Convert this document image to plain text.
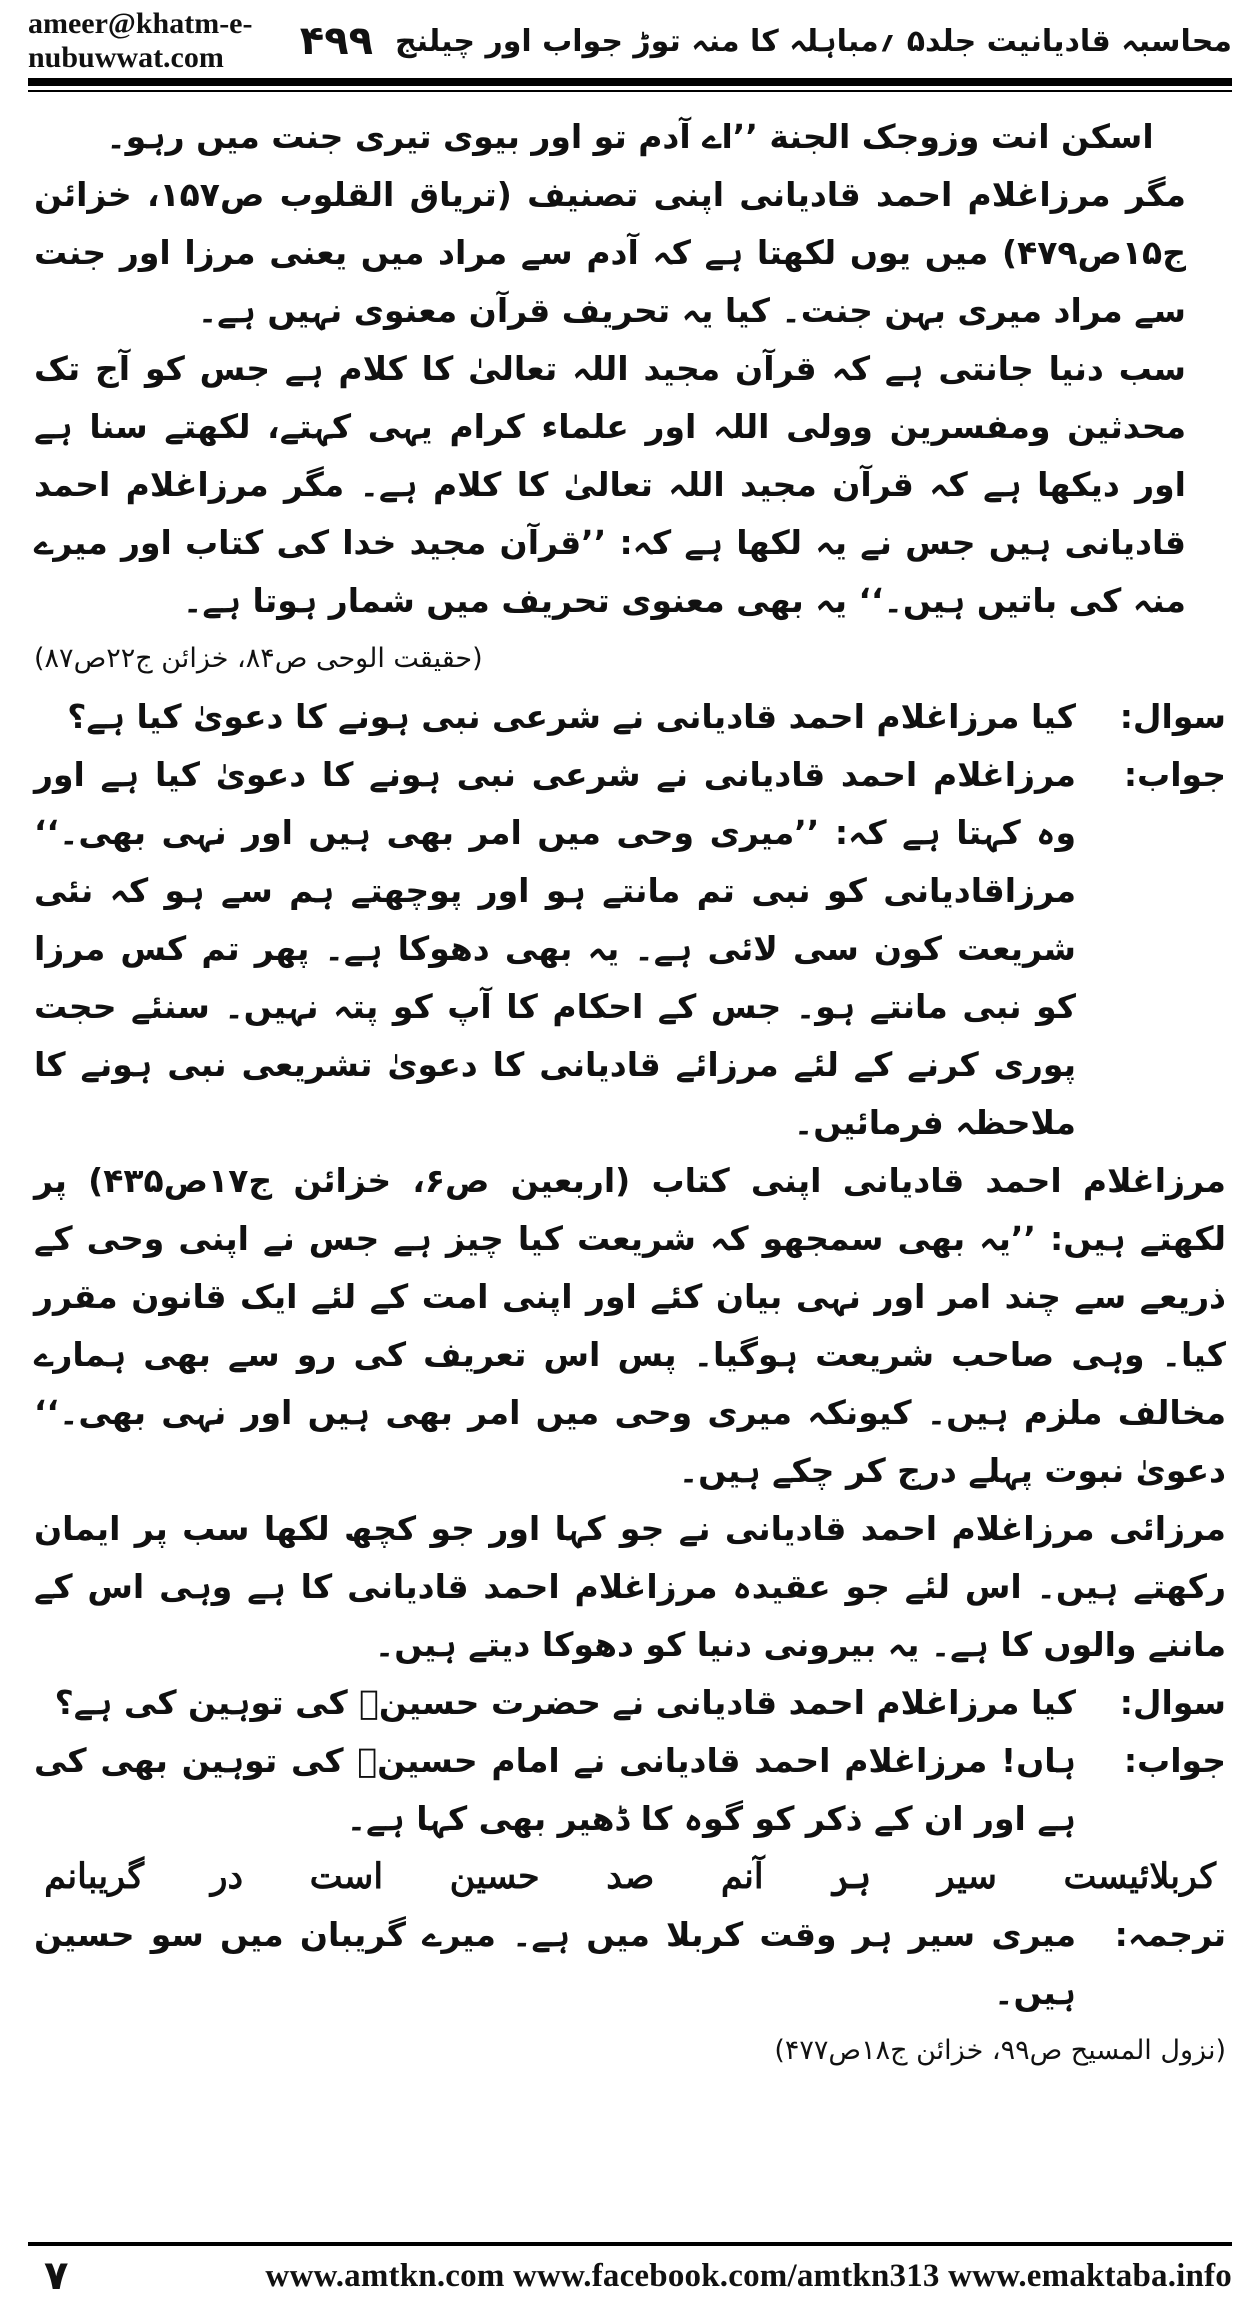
ameer@khatm-e-nubuwwat.com	۴۹۹ محاسبہ قادیانیت جلد۵ ؍مباہلہ کا منہ توڑ جواب اور چیلنج

اسکن انت وزوجک الجنة ’’اے آدم تو اور بیوی تیری جنت میں رہو۔

مگر مرزاغلام احمد قادیانی اپنی تصنیف (تریاق القلوب ص۱۵۷، خزائن ج۱۵ص۴۷۹) میں یوں لکھتا ہے کہ آدم سے مراد میں یعنی مرزا اور جنت سے مراد میری بہن جنت۔ کیا یہ تحریف قرآن معنوی نہیں ہے۔

سب دنیا جانتی ہے کہ قرآن مجید اللہ تعالیٰ کا کلام ہے جس کو آج تک محدثین ومفسرین وولی اللہ اور علماء کرام یہی کہتے، لکھتے سنا ہے اور دیکھا ہے کہ قرآن مجید اللہ تعالیٰ کا کلام ہے۔ مگر مرزاغلام احمد قادیانی ہیں جس نے یہ لکھا ہے کہ: ’’قرآن مجید خدا کی کتاب اور میرے منہ کی باتیں ہیں۔‘‘ یہ بھی معنوی تحریف میں شمار ہوتا ہے۔

(حقیقت الوحی ص۸۴، خزائن ج۲۲ص۸۷)

سوال:
کیا مرزاغلام احمد قادیانی نے شرعی نبی ہونے کا دعویٰ کیا ہے؟
جواب:
مرزاغلام احمد قادیانی نے شرعی نبی ہونے کا دعویٰ کیا ہے اور وہ کہتا ہے کہ: ’’میری وحی میں امر بھی ہیں اور نہی بھی۔‘‘ مرزاقادیانی کو نبی تم مانتے ہو اور پوچھتے ہم سے ہو کہ نئی شریعت کون سی لائی ہے۔ یہ بھی دھوکا ہے۔ پھر تم کس مرزا کو نبی مانتے ہو۔ جس کے احکام کا آپ کو پتہ نہیں۔ سنئے حجت پوری کرنے کے لئے مرزائے قادیانی کا دعویٰ تشریعی نبی ہونے کا ملاحظہ فرمائیں۔

مرزاغلام احمد قادیانی اپنی کتاب (اربعین ص۶، خزائن ج۱۷ص۴۳۵) پر لکھتے ہیں: ’’یہ بھی سمجھو کہ شریعت کیا چیز ہے جس نے اپنی وحی کے ذریعے سے چند امر اور نہی بیان کئے اور اپنی امت کے لئے ایک قانون مقرر کیا۔ وہی صاحب شریعت ہوگیا۔ پس اس تعریف کی رو سے بھی ہمارے مخالف ملزم ہیں۔ کیونکہ میری وحی میں امر بھی ہیں اور نہی بھی۔‘‘ دعویٰ نبوت پہلے درج کر چکے ہیں۔

مرزائی مرزاغلام احمد قادیانی نے جو کہا اور جو کچھ لکھا سب پر ایمان رکھتے ہیں۔ اس لئے جو عقیدہ مرزاغلام احمد قادیانی کا ہے وہی اس کے ماننے والوں کا ہے۔ یہ بیرونی دنیا کو دھوکا دیتے ہیں۔

سوال:
کیا مرزاغلام احمد قادیانی نے حضرت حسینؓ کی توہین کی ہے؟
جواب:
ہاں! مرزاغلام احمد قادیانی نے امام حسینؓ کی توہین بھی کی ہے اور ان کے ذکر کو گوہ کا ڈھیر بھی کہا ہے۔
کربلائیست
سیر
ہر
آنم
صد
حسین
است
در
گریبانم
ترجمہ:
میری سیر ہر وقت کربلا میں ہے۔ میرے گریبان میں سو حسین ہیں۔

(نزول المسیح ص۹۹، خزائن ج۱۸ص۴۷۷)

۷	www.amtkn.com www.facebook.com/amtkn313 www.emaktaba.info
